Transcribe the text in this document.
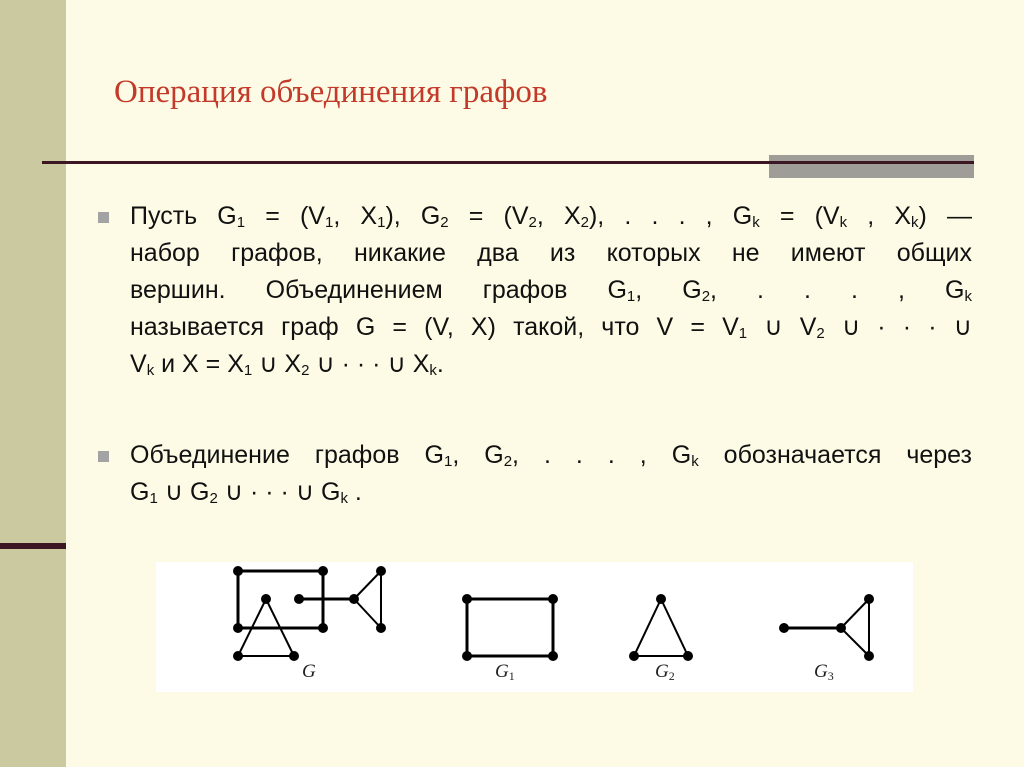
Операция объединения графов
Пусть $G_1 = (V_1$, $X_1$), $G_2 = (V_2$, $X_2$), . . . , $G_k = (V_k$ , $X_k$) —
набор графов, никакие два из которых не имеют общих
вершин. Объединением графов $G_1$, $G_2$, . . . , $G_k$
называется граф G = (V, X) такой, что $V = V_1$ ∪ $V_2$ ∪ · · · ∪
$V_k$ и $X = X_1$ ∪ $X_2$ ∪ · · · ∪ $X_k$.
Объединение графов $G_1$, $G_2$, . . . , $G_k$ обозначается через
$G_1$ ∪ $G_2$ ∪ · · · ∪ $G_k$ .
G	$G_1$	$G_2$	$G_3$
